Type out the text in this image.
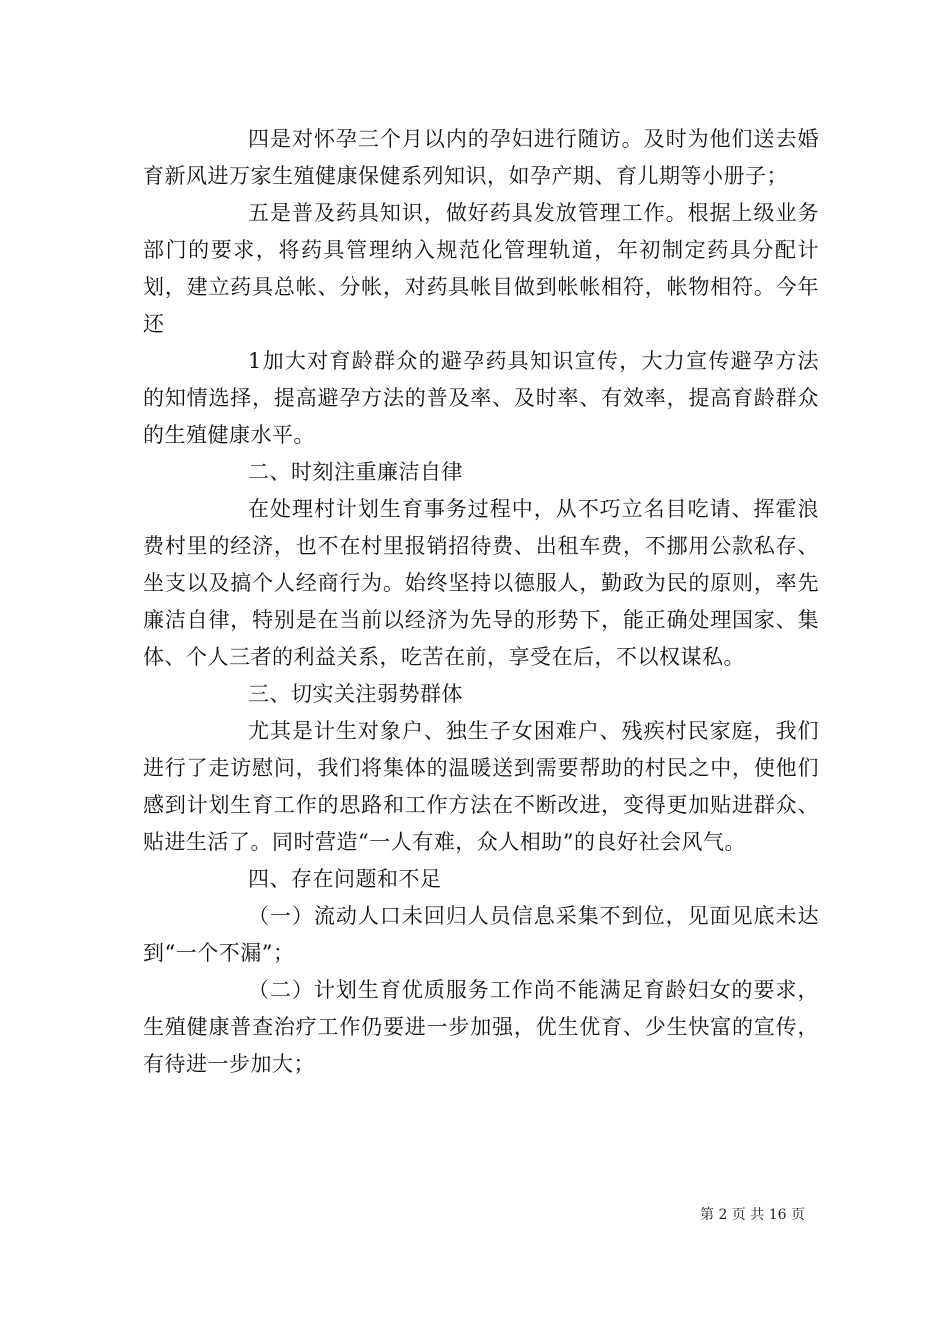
四是对怀孕三个月以内的孕妇进行随访。及时为他们送去婚育新风进万家生殖健康保健系列知识，如孕产期、育儿期等小册子；

五是普及药具知识，做好药具发放管理工作。根据上级业务部门的要求，将药具管理纳入规范化管理轨道，年初制定药具分配计划，建立药具总帐、分帐，对药具帐目做到帐帐相符，帐物相符。今年还

1加大对育龄群众的避孕药具知识宣传，大力宣传避孕方法的知情选择，提高避孕方法的普及率、及时率、有效率，提高育龄群众的生殖健康水平。

二、时刻注重廉洁自律

在处理村计划生育事务过程中，从不巧立名目吃请、挥霍浪费村里的经济，也不在村里报销招待费、出租车费，不挪用公款私存、坐支以及搞个人经商行为。始终坚持以德服人，勤政为民的原则，率先廉洁自律，特别是在当前以经济为先导的形势下，能正确处理国家、集体、个人三者的利益关系，吃苦在前，享受在后，不以权谋私。

三、切实关注弱势群体

尤其是计生对象户、独生子女困难户、残疾村民家庭，我们进行了走访慰问，我们将集体的温暖送到需要帮助的村民之中，使他们感到计划生育工作的思路和工作方法在不断改进，变得更加贴进群众、贴进生活了。同时营造“一人有难，众人相助”的良好社会风气。

四、存在问题和不足

（一）流动人口未回归人员信息采集不到位，见面见底未达到“一个不漏”；

（二）计划生育优质服务工作尚不能满足育龄妇女的要求，生殖健康普查治疗工作仍要进一步加强，优生优育、少生快富的宣传，有待进一步加大；

第 2 页 共 16 页
